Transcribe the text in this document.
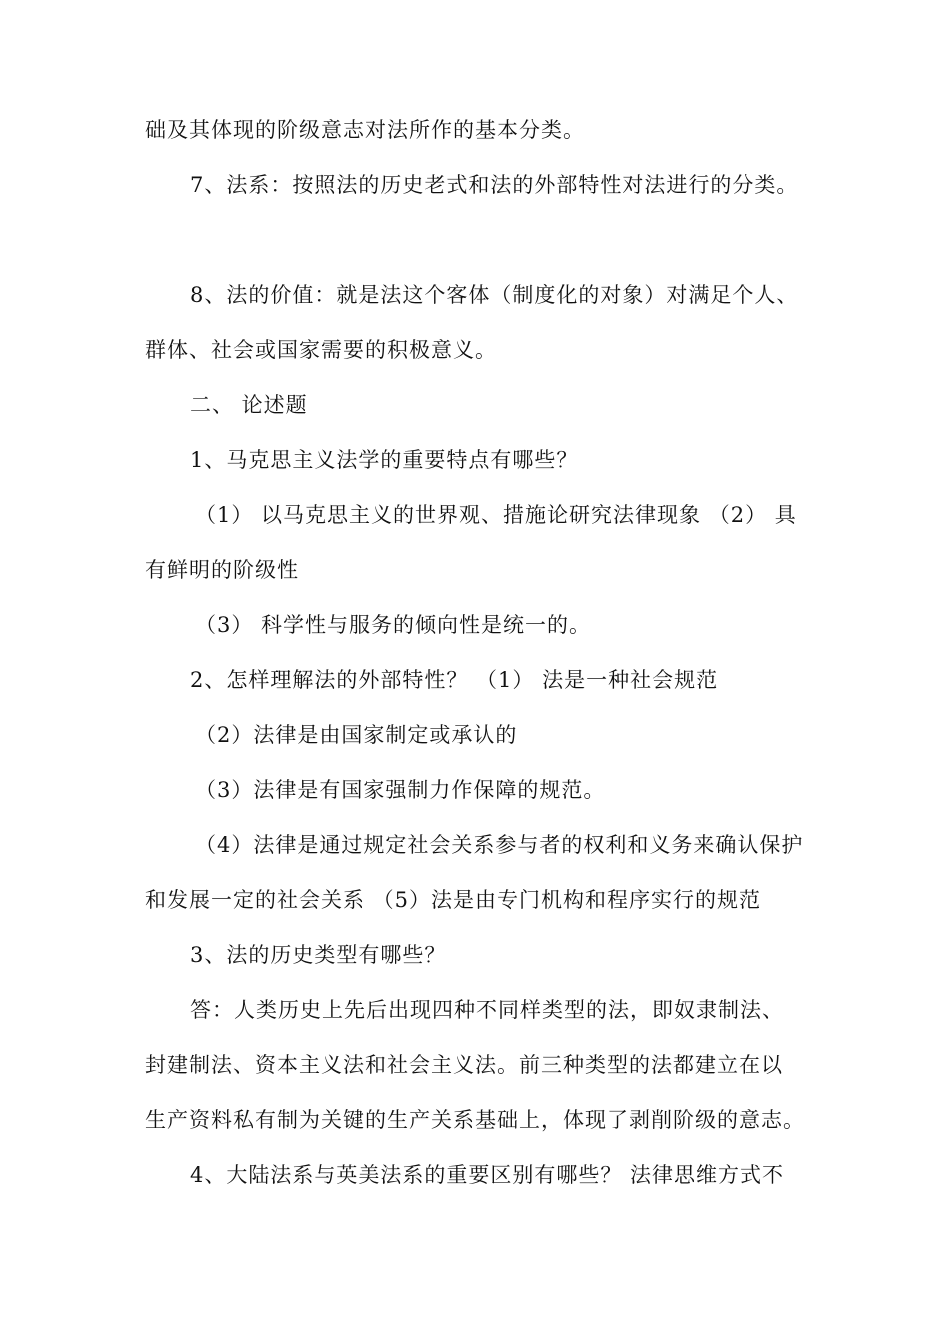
础及其体现的阶级意志对法所作的基本分类。
7、法系：按照法的历史老式和法的外部特性对法进行的分类。
8、法的价值：就是法这个客体（制度化的对象）对满足个人、
群体、社会或国家需要的积极意义。
二、 论述题
1、马克思主义法学的重要特点有哪些？
（1） 以马克思主义的世界观、措施论研究法律现象 （2） 具
有鲜明的阶级性
（3） 科学性与服务的倾向性是统一的。
2、怎样理解法的外部特性？ （1） 法是一种社会规范
（2）法律是由国家制定或承认的
（3）法律是有国家强制力作保障的规范。
（4）法律是通过规定社会关系参与者的权利和义务来确认保护
和发展一定的社会关系 （5）法是由专门机构和程序实行的规范
3、法的历史类型有哪些？
答：人类历史上先后出现四种不同样类型的法，即奴隶制法、
封建制法、资本主义法和社会主义法。前三种类型的法都建立在以
生产资料私有制为关键的生产关系基础上，体现了剥削阶级的意志。
4、大陆法系与英美法系的重要区别有哪些？ 法律思维方式不
